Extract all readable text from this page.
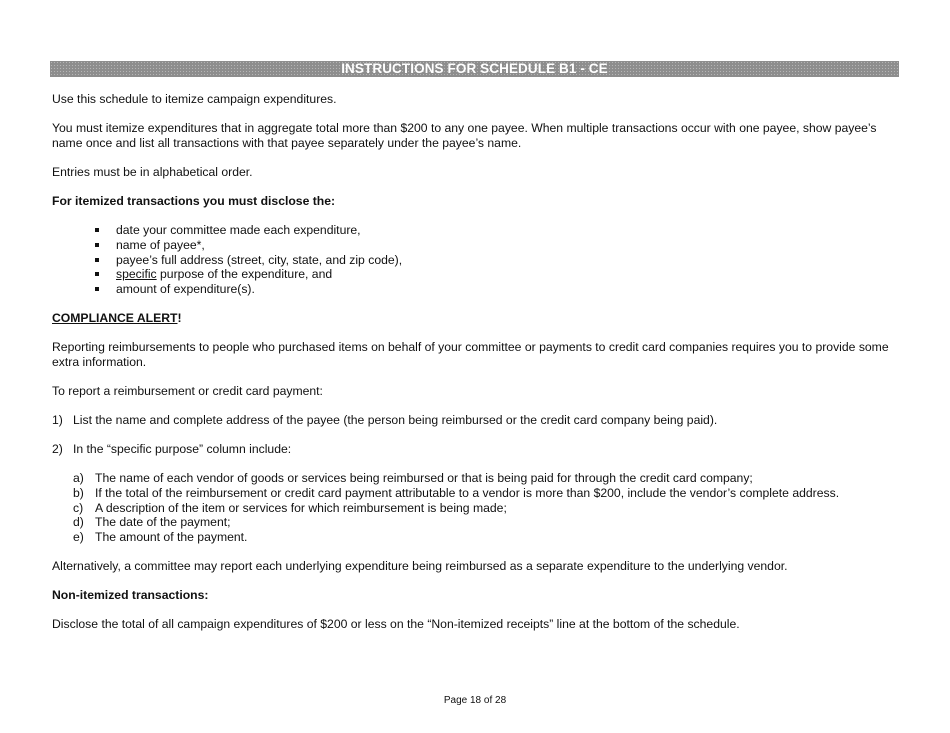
INSTRUCTIONS FOR SCHEDULE B1 - CE

Use this schedule to itemize campaign expenditures.

You must itemize expenditures that in aggregate total more than $200 to any one payee. When multiple transactions occur with one payee, show payee’s name once and list all transactions with that payee separately under the payee’s name.

Entries must be in alphabetical order.

For itemized transactions you must disclose the:

date your committee made each expenditure,
name of payee*,
payee’s full address (street, city, state, and zip code),
specific purpose of the expenditure, and
amount of expenditure(s).

COMPLIANCE ALERT!

Reporting reimbursements to people who purchased items on behalf of your committee or payments to credit card companies requires you to provide some extra information.

To report a reimbursement or credit card payment:

1) List the name and complete address of the payee (the person being reimbursed or the credit card company being paid).
2) In the “specific purpose” column include:
a) The name of each vendor of goods or services being reimbursed or that is being paid for through the credit card company;
b) If the total of the reimbursement or credit card payment attributable to a vendor is more than $200, include the vendor’s complete address.
c) A description of the item or services for which reimbursement is being made;
d) The date of the payment;
e) The amount of the payment.

Alternatively, a committee may report each underlying expenditure being reimbursed as a separate expenditure to the underlying vendor.

Non-itemized transactions:

Disclose the total of all campaign expenditures of $200 or less on the “Non-itemized receipts” line at the bottom of the schedule.

Page 18 of 28
